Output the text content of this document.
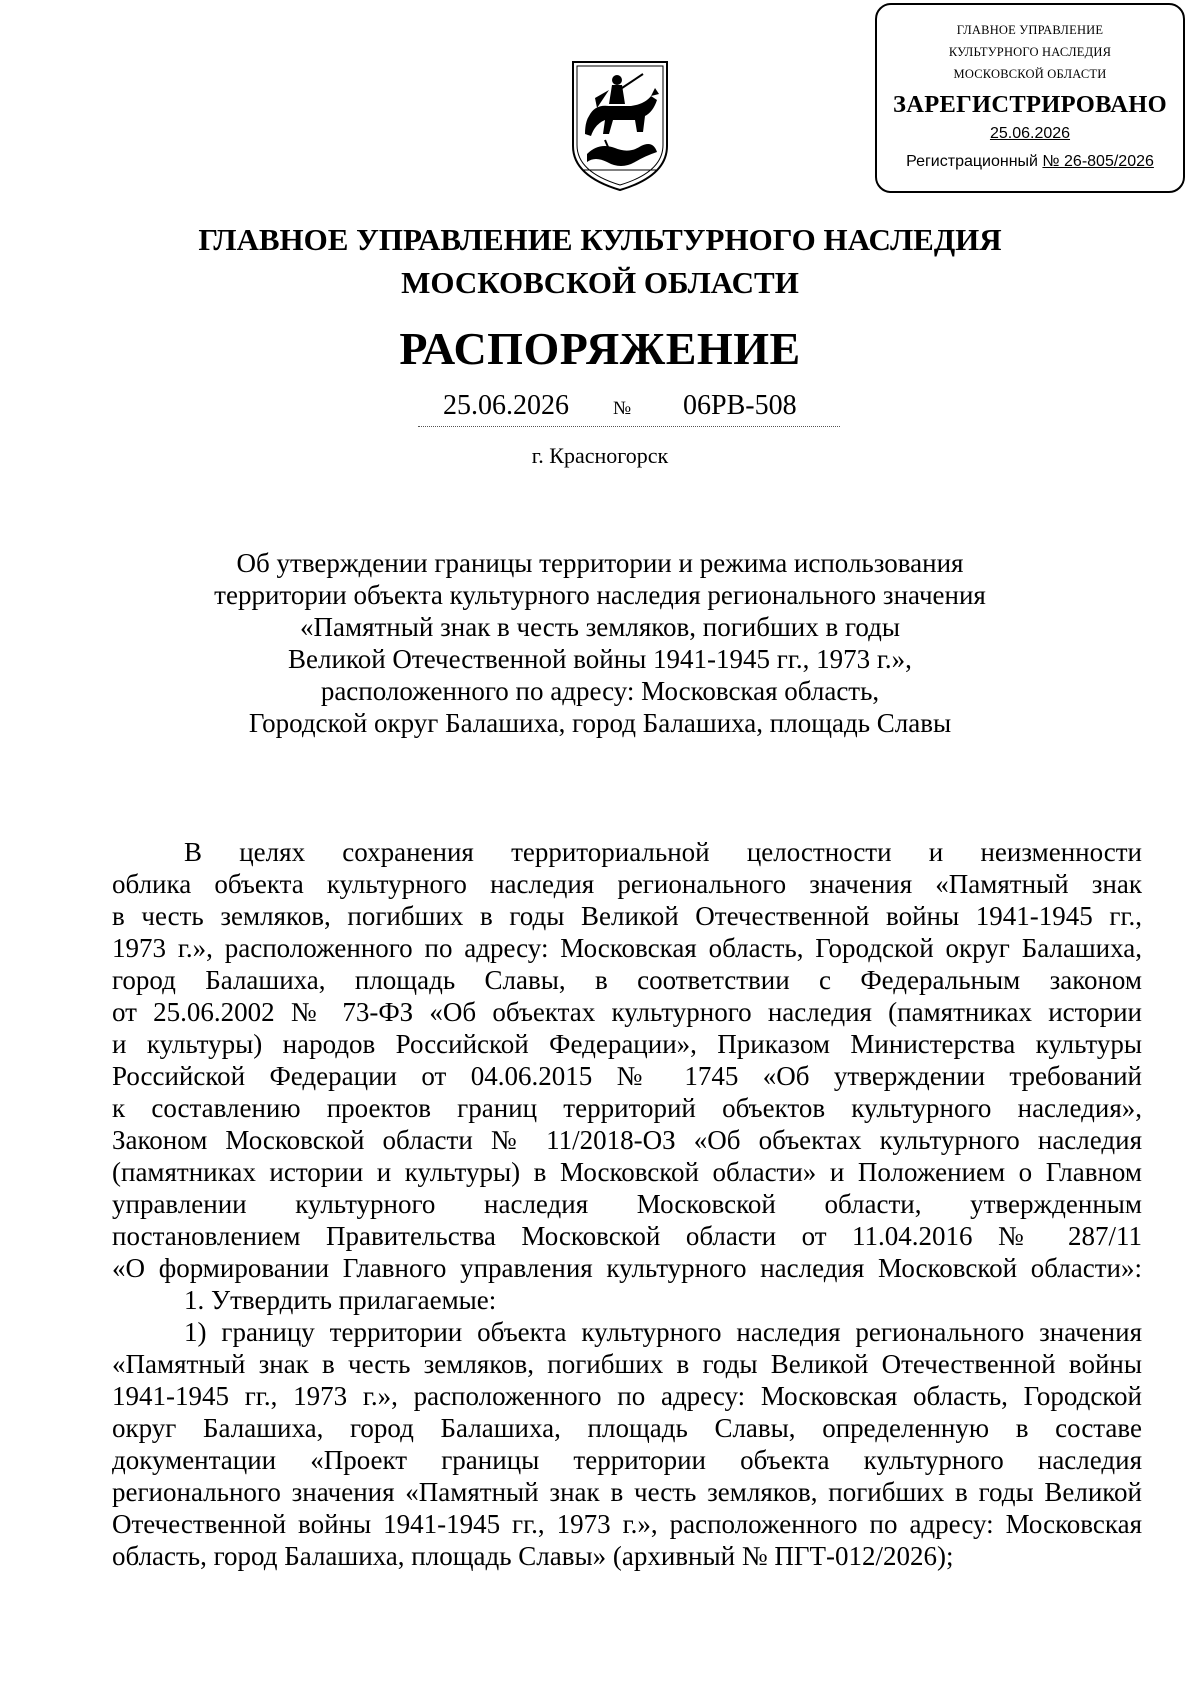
ГЛАВНОЕ УПРАВЛЕНИЕ
КУЛЬТУРНОГО НАСЛЕДИЯ
МОСКОВСКОЙ ОБЛАСТИ
ЗАРЕГИСТРИРОВАНО
25.06.2026
Регистрационный № 26-805/2026
ГЛАВНОЕ УПРАВЛЕНИЕ КУЛЬТУРНОГО НАСЛЕДИЯ
МОСКОВСКОЙ ОБЛАСТИ
РАСПОРЯЖЕНИЕ
25.06.2026 № 06РВ-508
г. Красногорск
Об утверждении границы территории и режима использования
территории объекта культурного наследия регионального значения
«Памятный знак в честь земляков, погибших в годы
Великой Отечественной войны 1941-1945 гг., 1973 г.»,
расположенного по адресу: Московская область,
Городской округ Балашиха, город Балашиха, площадь Славы
В целях сохранения территориальной целостности и неизменности
облика объекта культурного наследия регионального значения «Памятный знак
в честь земляков, погибших в годы Великой Отечественной войны 1941-1945 гг.,
1973 г.», расположенного по адресу: Московская область, Городской округ Балашиха,
город Балашиха, площадь Славы, в соответствии с Федеральным законом
от 25.06.2002 № 73-ФЗ «Об объектах культурного наследия (памятниках истории
и культуры) народов Российской Федерации», Приказом Министерства культуры
Российской Федерации от 04.06.2015 № 1745 «Об утверждении требований
к составлению проектов границ территорий объектов культурного наследия»,
Законом Московской области № 11/2018-ОЗ «Об объектах культурного наследия
(памятниках истории и культуры) в Московской области» и Положением о Главном
управлении культурного наследия Московской области, утвержденным
постановлением Правительства Московской области от 11.04.2016 № 287/11
«О формировании Главного управления культурного наследия Московской области»:
1. Утвердить прилагаемые:
1) границу территории объекта культурного наследия регионального значения
«Памятный знак в честь земляков, погибших в годы Великой Отечественной войны
1941-1945 гг., 1973 г.», расположенного по адресу: Московская область, Городской
округ Балашиха, город Балашиха, площадь Славы, определенную в составе
документации «Проект границы территории объекта культурного наследия
регионального значения «Памятный знак в честь земляков, погибших в годы Великой
Отечественной войны 1941-1945 гг., 1973 г.», расположенного по адресу: Московская
область, город Балашиха, площадь Славы» (архивный № ПГТ-012/2026);
